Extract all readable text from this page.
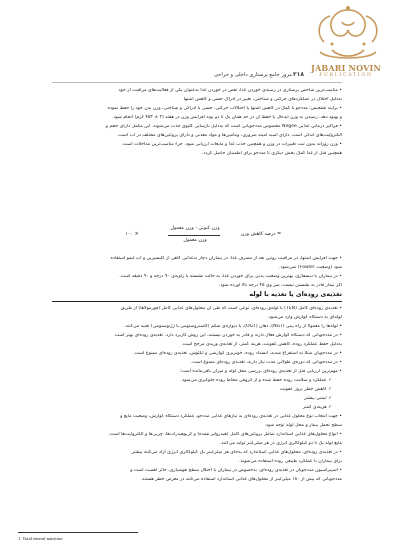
JABARI NOVIN
PUBLICATION
۲۱۸
مرور جامع پرستاری داخلی و جراحی
• مناسب‌ترین شاخص پرستاری در زمینه‌ی خوردن غذا، نقص در خوردن غذا به‌عنوان یکی از فعالیت‌های مراقبت از خود
به‌دلیل اختلال در عملکردهای حرکتی و شناختی، تغییر در ادراک حسی و کاهش اشتها
• برآیند تشخیص: مددجو با کمک در کاهش اشتها یا اختلالات حرکتی، حسی یا ادراکی و شناختی، وزن بدن خود را حفظ نموده
و بهبود دهد. رسیدن به وزن ایده‌آل یا حفظ آن در حد همان یک تا دو پوند افزایش وزن در هفته (۲ ± ۴۵۳ گرم) انجام شود.
• فراگیر درمانی غذایی Negee مخصوص مددجویانی است که به‌دلیل نارسایی کلیوی جذب می‌شوند. این مکمل دارای حجم و
الکترولیت‌های اندکی است. دارای اسید آمینه ضروری، ویتامین‌ها و مواد معدنی و دارای پروتئین‌های مختلف در آب است.
• وزن روزانه بدون ثبت تغییرات در وزن و همچنین جذب غذا و مایعات ارزیابی شود. جزء مناسب‌ترین مداخلات است.
همچنین قبل از غذا کمک بخش دیگری تا مددجو برای اطمینان حاصل گردد.
وزن کنونی - وزن معمول
وزن معمول
× ۱۰۰	= درصد کاهش وزن
• جهت افزایش اشتها، در مراقبت روتین بعد از مصرف غذا، در بیماران دچار بدغذایی گاهی از گلیسیرین و آب لیمو استفاده
شود (وضعیت Fowler) نمی‌شود.
• در بیماران با دیسفاژی، بهترین وضعیت بدنی برای خوردن غذا، به حالت نشسته با زاویه‌ی ۹۰ درجه و ۹۰ دقیقه است.
اگر بیمار قادر به نشستن نیست، سر وی ۴۵ درجه بالا آورده شود.
تغذیه‌ی روده‌ای یا تغذیه با لوله
• تغذیه‌ی روده‌ای کامل (TEN) یا لوله‌ی روده‌ای، نوعی است که طی آن محلول‌های غذایی کامل (فورمولا‌ها) از طریق
لوله‌ای به دستگاه گوارش وارد می‌شود.
• لوله‌ها را معمولاً از راه بینی (NGT)، دهان (OGT)، یا دیواره‌ی شکم (گاستروستومی یا ژژنوستومی) تعبیه می‌کنند.
• در مددجویانی که دستگاه گوارش فعال دارند و قادر به خوردن نیستند، این روش کاربرد دارد. تغذیه‌ی روده‌ای بهتر است
به‌دلیل حفظ عملکرد روده، کاهش عفونت، هزینه کمتر، از تغذیه‌ی وریدی مرجح است.
• در مددجویان مبتلا به استفراغ شدید، انسداد روده، خونریزی گوارشی و ایلئوس، تغذیه‌ی روده‌ای ممنوع است.
• در مددجویانی که دوره‌ی طولانی مدت نیاز دارند، تغذیه‌ی روده‌ای ممنوع است.
• مهم‌ترین ارزیابی قبل از تغذیه‌ی روده‌ای بررسی محل لوله و میزان باقی‌مانده است:
✓ عملکرد و سلامت روده حفظ شده و از آتروفی مخاط روده جلوگیری می‌شود.
✓ کاهش خطر بروز عفونت
✓ ایمنی بیشتر
✓ هزینه‌ی کمتر
• جهت انتخاب نوع محلول غذایی در تغذیه‌ی روده‌ای به نیازهای غذایی مددجو، عملکرد دستگاه گوارش، وضعیت مایع و
سطح تحمل بیمار و محل لوله توجه شود.
• انواع محلول‌های غذایی استاندارد شامل پروتئین‌های کامل (هیدرولیز نشده) و کربوهیدرات‌ها، چربی‌ها و الکترولیت‌ها است.
مایع لوله یک تا دو کیلوکالری انرژی در هر میلی‌لیتر تولید می‌کنند.
• در تغذیه‌ی روده‌ای، محلول‌های غذایی استاندارد که به‌جای هر میلی‌لیتر یک کیلوکالری انرژی آزاد می‌کنند بیشتر
برای بیماران با عملکرد طبیعی روده استفاده می‌شوند.
• آسپیراسیون مددجویان در تغذیه‌ی روده‌ای، به‌خصوص در بیماران با اختلال سطح هوشیاری، حائز اهمیت است و
مددجویانی که بیش از ۱۸۰ میلی‌لیتر از محلول‌های غذایی استاندارد استفاده می‌کنند در معرض خطر هستند.
1. Total enteral nutrition
